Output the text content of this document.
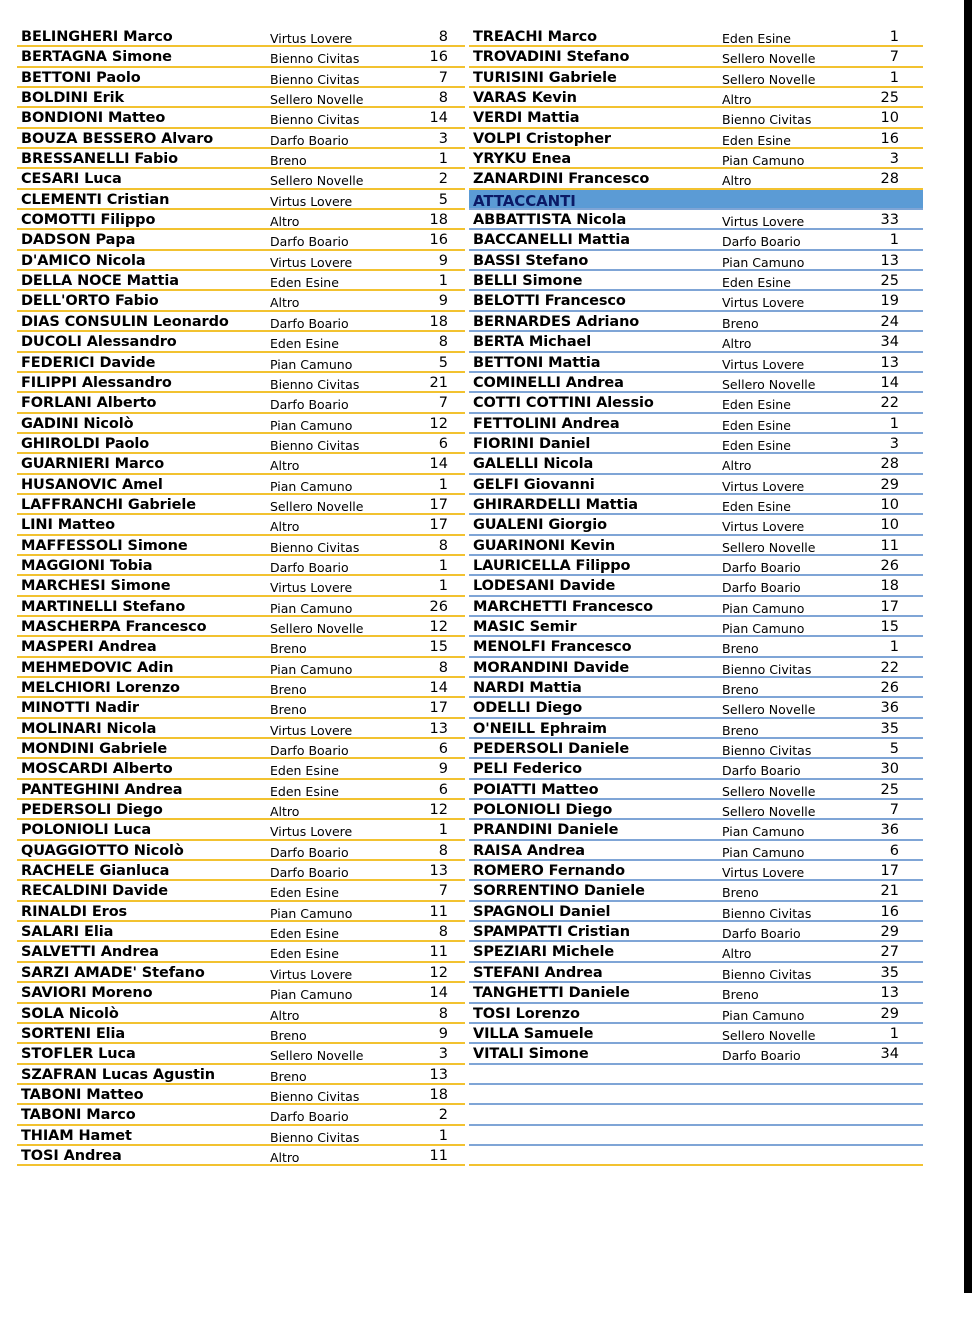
BELINGHERI Marco	Virtus Lovere	8
BERTAGNA Simone	Bienno Civitas	16
BETTONI Paolo	Bienno Civitas	7
BOLDINI Erik	Sellero Novelle	8
BONDIONI Matteo	Bienno Civitas	14
BOUZA BESSERO Alvaro	Darfo Boario	3
BRESSANELLI Fabio	Breno	1
CESARI Luca	Sellero Novelle	2
CLEMENTI Cristian	Virtus Lovere	5
COMOTTI Filippo	Altro	18
DADSON Papa	Darfo Boario	16
D'AMICO Nicola	Virtus Lovere	9
DELLA NOCE Mattia	Eden Esine	1
DELL'ORTO Fabio	Altro	9
DIAS CONSULIN Leonardo	Darfo Boario	18
DUCOLI Alessandro	Eden Esine	8
FEDERICI Davide	Pian Camuno	5
FILIPPI Alessandro	Bienno Civitas	21
FORLANI Alberto	Darfo Boario	7
GADINI Nicolò	Pian Camuno	12
GHIROLDI Paolo	Bienno Civitas	6
GUARNIERI Marco	Altro	14
HUSANOVIC Amel	Pian Camuno	1
LAFFRANCHI Gabriele	Sellero Novelle	17
LINI Matteo	Altro	17
MAFFESSOLI Simone	Bienno Civitas	8
MAGGIONI Tobia	Darfo Boario	1
MARCHESI Simone	Virtus Lovere	1
MARTINELLI Stefano	Pian Camuno	26
MASCHERPA Francesco	Sellero Novelle	12
MASPERI Andrea	Breno	15
MEHMEDOVIC Adin	Pian Camuno	8
MELCHIORI Lorenzo	Breno	14
MINOTTI Nadir	Breno	17
MOLINARI Nicola	Virtus Lovere	13
MONDINI Gabriele	Darfo Boario	6
MOSCARDI Alberto	Eden Esine	9
PANTEGHINI Andrea	Eden Esine	6
PEDERSOLI Diego	Altro	12
POLONIOLI Luca	Virtus Lovere	1
QUAGGIOTTO Nicolò	Darfo Boario	8
RACHELE Gianluca	Darfo Boario	13
RECALDINI Davide	Eden Esine	7
RINALDI Eros	Pian Camuno	11
SALARI Elia	Eden Esine	8
SALVETTI Andrea	Eden Esine	11
SARZI AMADE' Stefano	Virtus Lovere	12
SAVIORI Moreno	Pian Camuno	14
SOLA Nicolò	Altro	8
SORTENI Elia	Breno	9
STOFLER Luca	Sellero Novelle	3
SZAFRAN Lucas Agustin	Breno	13
TABONI Matteo	Bienno Civitas	18
TABONI Marco	Darfo Boario	2
THIAM Hamet	Bienno Civitas	1
TOSI Andrea	Altro	11
TREACHI Marco	Eden Esine	1
TROVADINI Stefano	Sellero Novelle	7
TURISINI Gabriele	Sellero Novelle	1
VARAS Kevin	Altro	25
VERDI Mattia	Bienno Civitas	10
VOLPI Cristopher	Eden Esine	16
YRYKU Enea	Pian Camuno	3
ZANARDINI Francesco	Altro	28
ATTACCANTI
ABBATTISTA Nicola	Virtus Lovere	33
BACCANELLI Mattia	Darfo Boario	1
BASSI Stefano	Pian Camuno	13
BELLI Simone	Eden Esine	25
BELOTTI Francesco	Virtus Lovere	19
BERNARDES Adriano	Breno	24
BERTA Michael	Altro	34
BETTONI Mattia	Virtus Lovere	13
COMINELLI Andrea	Sellero Novelle	14
COTTI COTTINI Alessio	Eden Esine	22
FETTOLINI Andrea	Eden Esine	1
FIORINI Daniel	Eden Esine	3
GALELLI Nicola	Altro	28
GELFI Giovanni	Virtus Lovere	29
GHIRARDELLI Mattia	Eden Esine	10
GUALENI Giorgio	Virtus Lovere	10
GUARINONI Kevin	Sellero Novelle	11
LAURICELLA Filippo	Darfo Boario	26
LODESANI Davide	Darfo Boario	18
MARCHETTI Francesco	Pian Camuno	17
MASIC Semir	Pian Camuno	15
MENOLFI Francesco	Breno	1
MORANDINI Davide	Bienno Civitas	22
NARDI Mattia	Breno	26
ODELLI Diego	Sellero Novelle	36
O'NEILL Ephraim	Breno	35
PEDERSOLI Daniele	Bienno Civitas	5
PELI Federico	Darfo Boario	30
POIATTI Matteo	Sellero Novelle	25
POLONIOLI Diego	Sellero Novelle	7
PRANDINI Daniele	Pian Camuno	36
RAISA Andrea	Pian Camuno	6
ROMERO Fernando	Virtus Lovere	17
SORRENTINO Daniele	Breno	21
SPAGNOLI Daniel	Bienno Civitas	16
SPAMPATTI Cristian	Darfo Boario	29
SPEZIARI Michele	Altro	27
STEFANI Andrea	Bienno Civitas	35
TANGHETTI Daniele	Breno	13
TOSI Lorenzo	Pian Camuno	29
VILLA Samuele	Sellero Novelle	1
VITALI Simone	Darfo Boario	34
